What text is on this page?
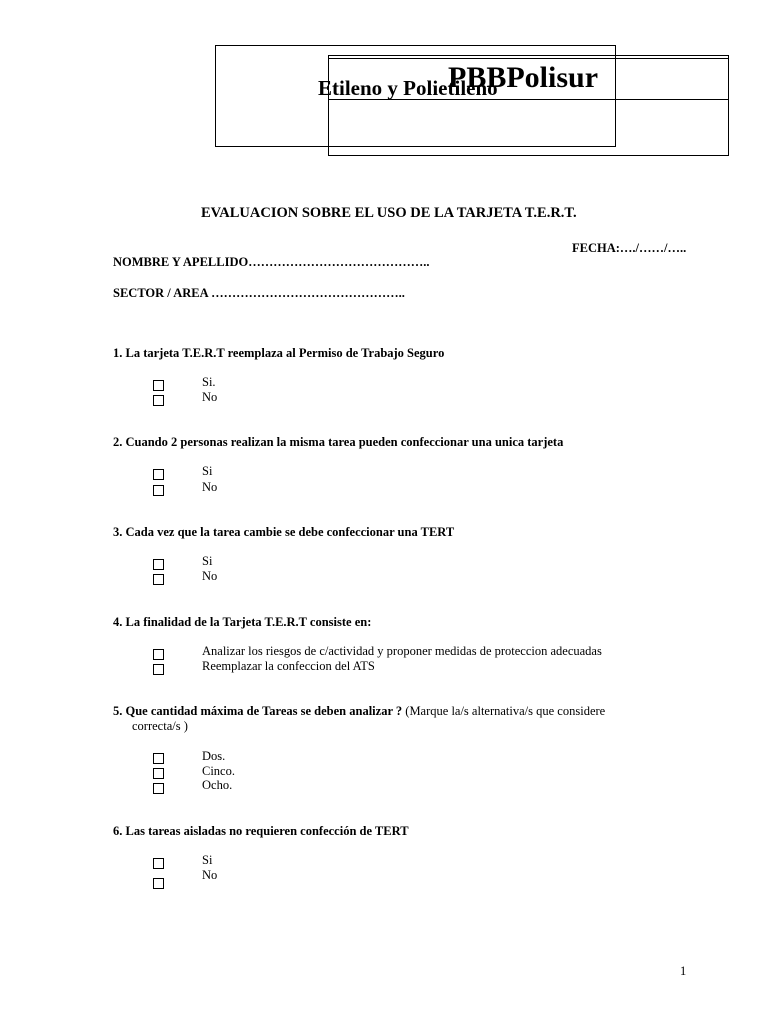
Etileno y Polietileno
PBBPolisur
EVALUACION SOBRE EL USO DE LA TARJETA T.E.R.T.
FECHA:…./……/…..
NOMBRE Y APELLIDO……………………………………..
SECTOR / AREA ………………………………………..
1. La tarjeta T.E.R.T reemplaza al Permiso de Trabajo Seguro
Si.
No
2. Cuando 2 personas realizan la misma tarea pueden confeccionar una unica tarjeta
Si
No
3. Cada vez que la tarea cambie se debe confeccionar una TERT
Si
No
4. La finalidad de la Tarjeta T.E.R.T consiste en:
Analizar los riesgos de c/actividad y proponer medidas de proteccion adecuadas
Reemplazar la confeccion del ATS
5. Que cantidad máxima de Tareas se deben analizar ? (Marque la/s alternativa/s que considere
correcta/s )
Dos.
Cinco.
Ocho.
6. Las tareas aisladas no requieren confección de TERT
Si
No
1
